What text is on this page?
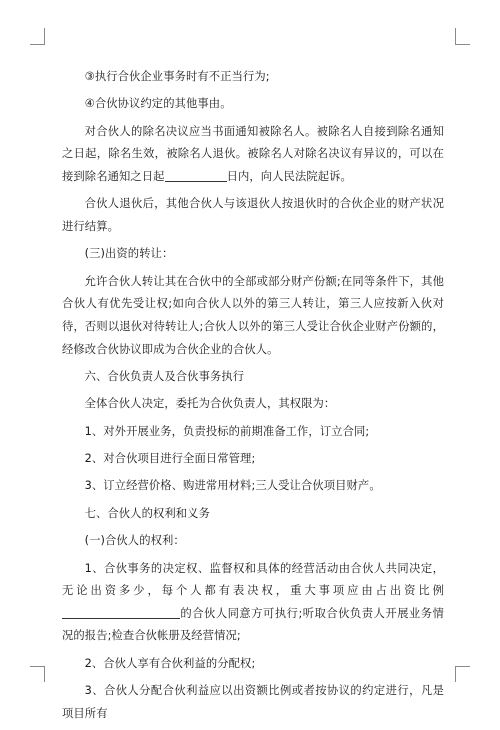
③执行合伙企业事务时有不正当行为;

④合伙协议约定的其他事由。

对合伙人的除名决议应当书面通知被除名人。被除名人自接到除名通知之日起，除名生效，被除名人退伙。被除名人对除名决议有异议的，可以在接到除名通知之日起	日内，向人民法院起诉。

合伙人退伙后，其他合伙人与该退伙人按退伙时的合伙企业的财产状况进行结算。

(三)出资的转让：

允许合伙人转让其在合伙中的全部或部分财产份额;在同等条件下，其他合伙人有优先受让权;如向合伙人以外的第三人转让，第三人应按新入伙对待，否则以退伙对待转让人;合伙人以外的第三人受让合伙企业财产份额的，经修改合伙协议即成为合伙企业的合伙人。

六、合伙负责人及合伙事务执行

全体合伙人决定，委托为合伙负责人，其权限为：

1、对外开展业务，负责投标的前期准备工作，订立合同;

2、对合伙项目进行全面日常管理;

3、订立经营价格、购进常用材料;三人受让合伙项目财产。

七、合伙人的权利和义务

(一)合伙人的权利：

1、合伙事务的决定权、监督权和具体的经营活动由合伙人共同决定，无论出资多少，每个人都有表决权，重大事项应由占出资比例的合伙人同意方可执行;听取合伙负责人开展业务情况的报告;检查合伙帐册及经营情况;

2、合伙人享有合伙利益的分配权;

3、合伙人分配合伙利益应以出资额比例或者按协议的约定进行，凡是项目所有
